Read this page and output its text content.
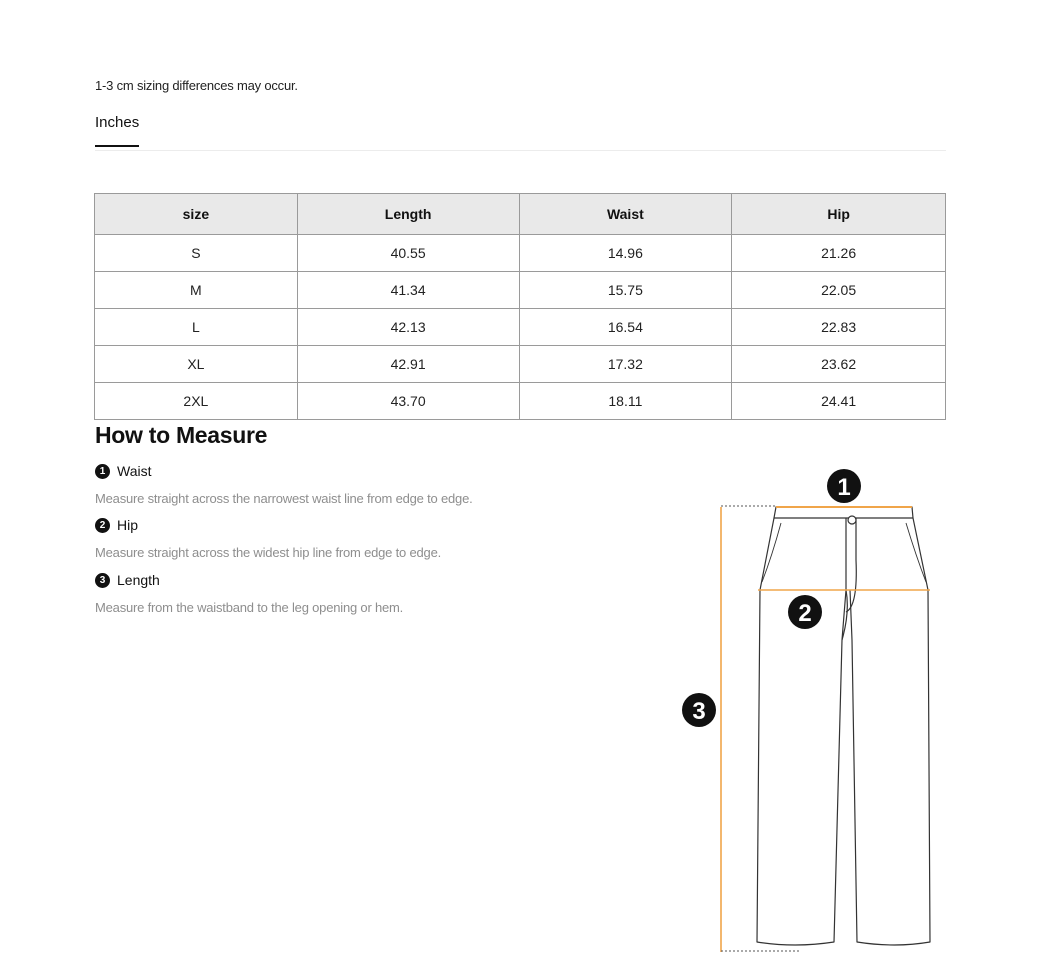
1-3 cm sizing differences may occur.
Inches
size	Length	Waist	Hip
S	40.55	14.96	21.26
M	41.34	15.75	22.05
L	42.13	16.54	22.83
XL	42.91	17.32	23.62
2XL	43.70	18.11	24.41
How to Measure
1 Waist
Measure straight across the narrowest waist line from edge to edge.
2 Hip
Measure straight across the widest hip line from edge to edge.
3 Length
Measure from the waistband to the leg opening or hem.
1
2
3
